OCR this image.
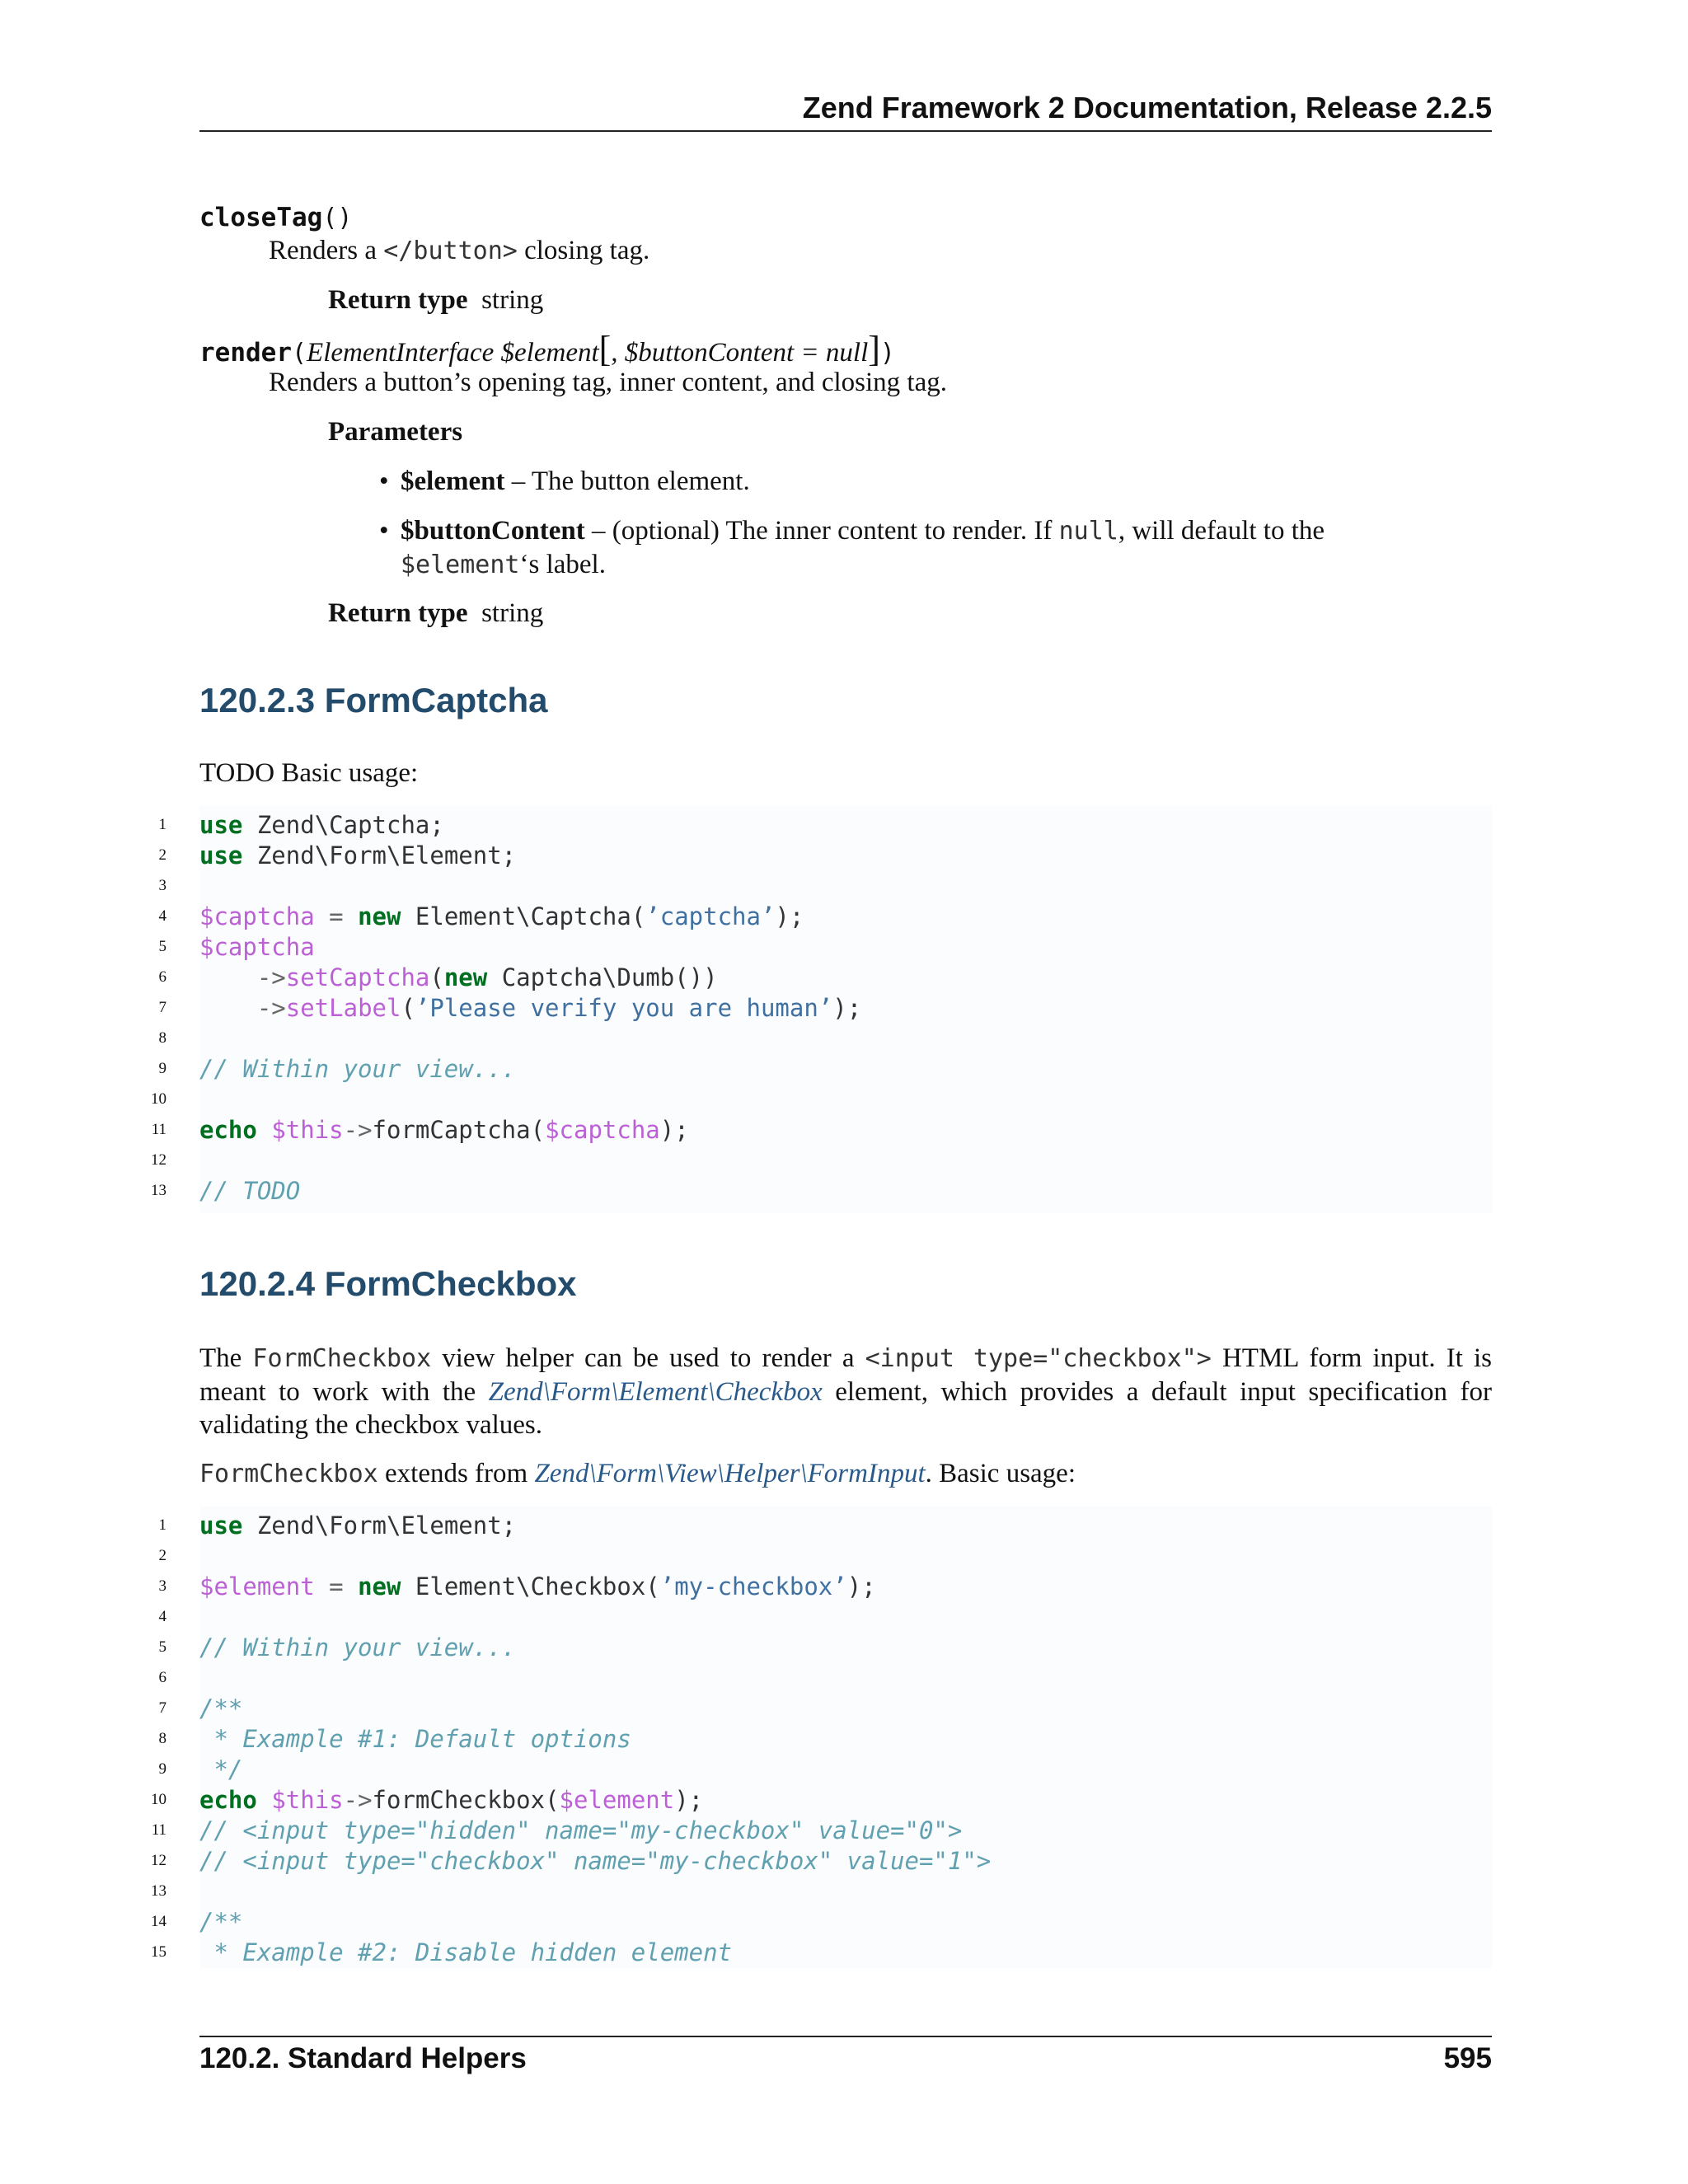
Zend Framework 2 Documentation, Release 2.2.5
closeTag()
Renders a </button> closing tag.
Return type string
render(ElementInterface $element[, $buttonContent = null])
Renders a button’s opening tag, inner content, and closing tag.
Parameters
• $element – The button element.
• $buttonContent – (optional) The inner content to render. If null, will default to the
$element‘s label.
Return type string
120.2.3 FormCaptcha
TODO Basic usage:
1
2
3
4
5
6
7
8
9
10
11
12
13
use Zend\Captcha;
use Zend\Form\Element;
$captcha = new Element\Captcha(’captcha’);
$captcha
->setCaptcha(new Captcha\Dumb())
->setLabel(’Please verify you are human’);
// Within your view...
echo $this->formCaptcha($captcha);
// TODO
120.2.4 FormCheckbox
The FormCheckbox view helper can be used to render a <input type="checkbox"> HTML form input. It is meant to work with the Zend\Form\Element\Checkbox element, which provides a default input specification for validating the checkbox values.
FormCheckbox extends from Zend\Form\View\Helper\FormInput. Basic usage:
1
2
3
4
5
6
7
8
9
10
11
12
13
14
15
use Zend\Form\Element;
$element = new Element\Checkbox(’my-checkbox’);
// Within your view...
/**
* Example #1: Default options
*/
echo $this->formCheckbox($element);
// <input type="hidden" name="my-checkbox" value="0">
// <input type="checkbox" name="my-checkbox" value="1">
/**
* Example #2: Disable hidden element
120.2. Standard Helpers	595
